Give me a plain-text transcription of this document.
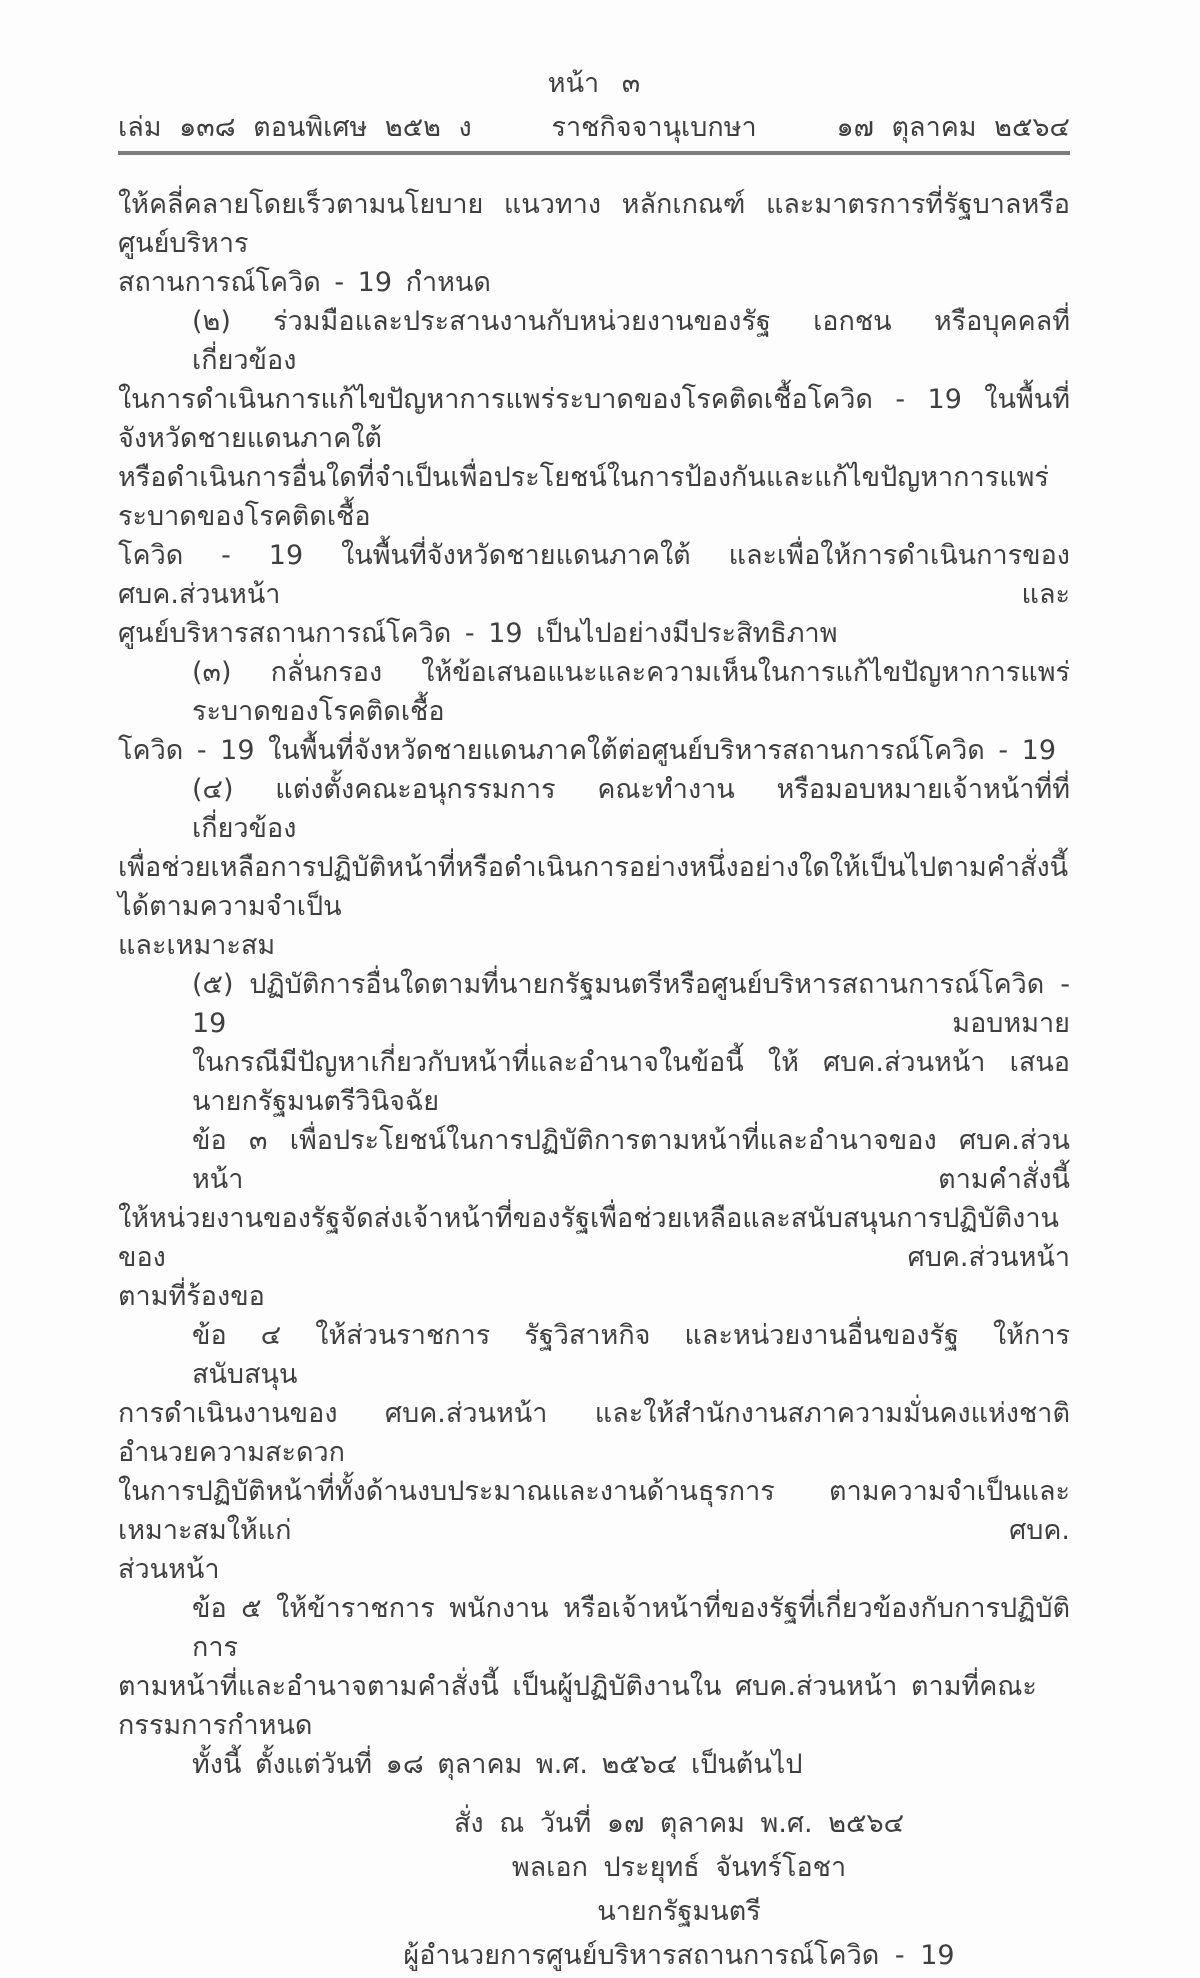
หน้า ๓
เล่ม ๑๓๘ ตอนพิเศษ ๒๕๒ ง	ราชกิจจานุเบกษา	๑๗ ตุลาคม ๒๕๖๔
ให้คลี่คลายโดยเร็วตามนโยบาย แนวทาง หลักเกณฑ์ และมาตรการที่รัฐบาลหรือศูนย์บริหาร
สถานการณ์โควิด - 19 กำหนด
(๒) ร่วมมือและประสานงานกับหน่วยงานของรัฐ เอกชน หรือบุคคลที่เกี่ยวข้อง
ในการดำเนินการแก้ไขปัญหาการแพร่ระบาดของโรคติดเชื้อโควิด - 19 ในพื้นที่จังหวัดชายแดนภาคใต้
หรือดำเนินการอื่นใดที่จำเป็นเพื่อประโยชน์ในการป้องกันและแก้ไขปัญหาการแพร่ระบาดของโรคติดเชื้อ
โควิด - 19 ในพื้นที่จังหวัดชายแดนภาคใต้ และเพื่อให้การดำเนินการของ ศบค.ส่วนหน้า และ
ศูนย์บริหารสถานการณ์โควิด - 19 เป็นไปอย่างมีประสิทธิภาพ
(๓) กลั่นกรอง ให้ข้อเสนอแนะและความเห็นในการแก้ไขปัญหาการแพร่ระบาดของโรคติดเชื้อ
โควิด - 19 ในพื้นที่จังหวัดชายแดนภาคใต้ต่อศูนย์บริหารสถานการณ์โควิด - 19
(๔) แต่งตั้งคณะอนุกรรมการ คณะทำงาน หรือมอบหมายเจ้าหน้าที่ที่เกี่ยวข้อง
เพื่อช่วยเหลือการปฏิบัติหน้าที่หรือดำเนินการอย่างหนึ่งอย่างใดให้เป็นไปตามคำสั่งนี้ได้ตามความจำเป็น
และเหมาะสม
(๕) ปฏิบัติการอื่นใดตามที่นายกรัฐมนตรีหรือศูนย์บริหารสถานการณ์โควิด - 19 มอบหมาย
ในกรณีมีปัญหาเกี่ยวกับหน้าที่และอำนาจในข้อนี้ ให้ ศบค.ส่วนหน้า เสนอนายกรัฐมนตรีวินิจฉัย
ข้อ ๓ เพื่อประโยชน์ในการปฏิบัติการตามหน้าที่และอำนาจของ ศบค.ส่วนหน้า ตามคำสั่งนี้
ให้หน่วยงานของรัฐจัดส่งเจ้าหน้าที่ของรัฐเพื่อช่วยเหลือและสนับสนุนการปฏิบัติงานของ ศบค.ส่วนหน้า
ตามที่ร้องขอ
ข้อ ๔ ให้ส่วนราชการ รัฐวิสาหกิจ และหน่วยงานอื่นของรัฐ ให้การสนับสนุน
การดำเนินงานของ ศบค.ส่วนหน้า และให้สำนักงานสภาความมั่นคงแห่งชาติอำนวยความสะดวก
ในการปฏิบัติหน้าที่ทั้งด้านงบประมาณและงานด้านธุรการ ตามความจำเป็นและเหมาะสมให้แก่ ศบค.
ส่วนหน้า
ข้อ ๕ ให้ข้าราชการ พนักงาน หรือเจ้าหน้าที่ของรัฐที่เกี่ยวข้องกับการปฏิบัติการ
ตามหน้าที่และอำนาจตามคำสั่งนี้ เป็นผู้ปฏิบัติงานใน ศบค.ส่วนหน้า ตามที่คณะกรรมการกำหนด
ทั้งนี้ ตั้งแต่วันที่ ๑๘ ตุลาคม พ.ศ. ๒๕๖๔ เป็นต้นไป
สั่ง ณ วันที่ ๑๗ ตุลาคม พ.ศ. ๒๕๖๔
พลเอก ประยุทธ์ จันทร์โอชา
นายกรัฐมนตรี
ผู้อำนวยการศูนย์บริหารสถานการณ์โควิด - 19
